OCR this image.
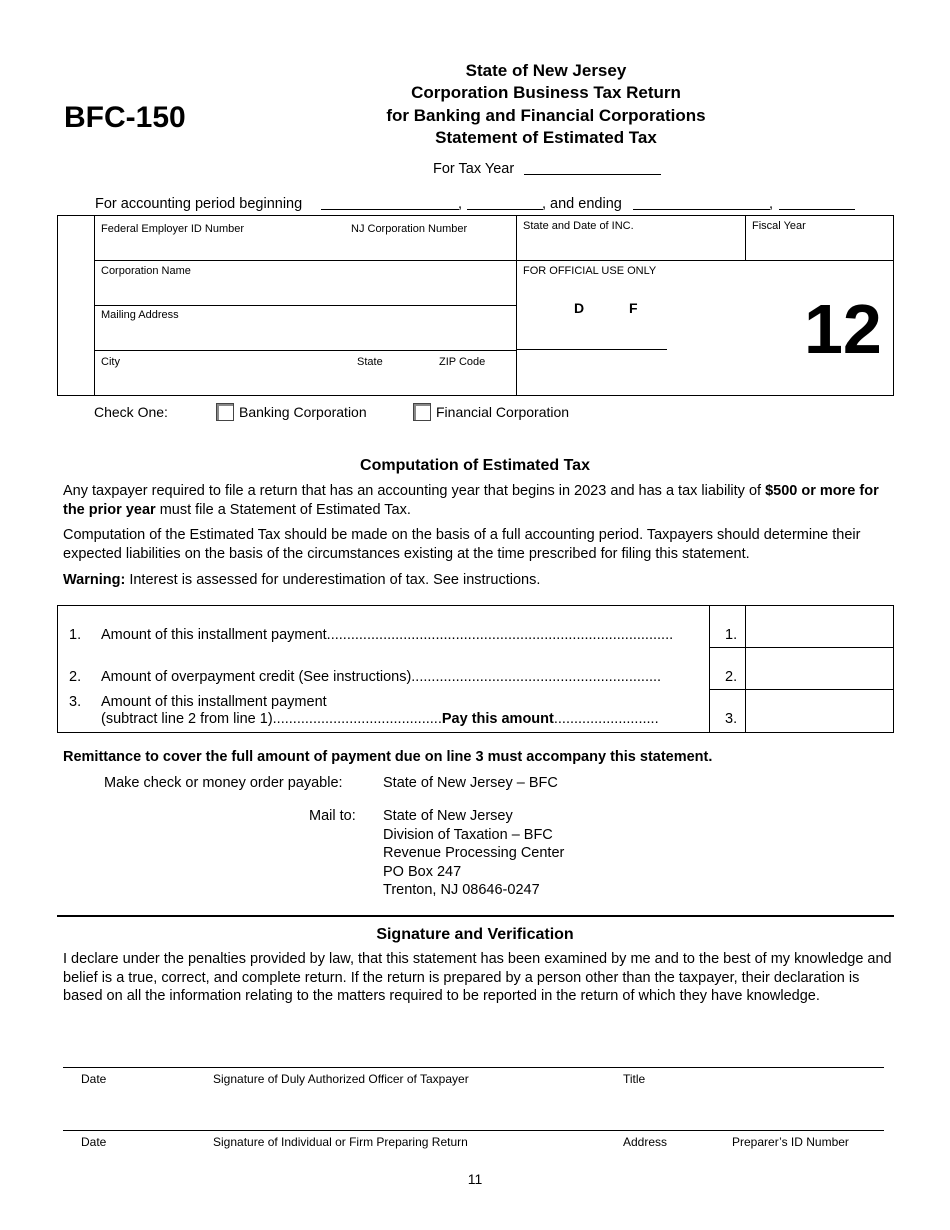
BFC-150
State of New Jersey
Corporation Business Tax Return
for Banking and Financial Corporations
Statement of Estimated Tax
For Tax Year
For accounting period beginning	,	, and ending	,
Federal Employer ID Number	NJ Corporation Number	State and Date of INC.	Fiscal Year
Corporation Name	FOR OFFICIAL USE ONLY
Mailing Address
City	State	ZIP Code
D	F 12
Check One:	Banking Corporation	Financial Corporation
Computation of Estimated Tax
Any taxpayer required to file a return that has an accounting year that begins in 2023 and has a tax liability of $500 or more for the prior year must file a Statement of Estimated Tax.
Computation of the Estimated Tax should be made on the basis of a full accounting period. Taxpayers should determine their expected liabilities on the basis of the circumstances existing at the time prescribed for filing this statement.
Warning: Interest is assessed for underestimation of tax. See instructions.
1. Amount of this installment payment......................................................................................	1.
2. Amount of overpayment credit (See instructions)..............................................................	2.
3. Amount of this installment payment
(subtract line 2 from line 1)..........................................Pay this amount..........................	3.
Remittance to cover the full amount of payment due on line 3 must accompany this statement.
Make check or money order payable:	State of New Jersey – BFC
Mail to: State of New Jersey
Division of Taxation – BFC
Revenue Processing Center
PO Box 247
Trenton, NJ 08646-0247
Signature and Verification
I declare under the penalties provided by law, that this statement has been examined by me and to the best of my knowledge and belief is a true, correct, and complete return. If the return is prepared by a person other than the taxpayer, their declaration is based on all the information relating to the matters required to be reported in the return of which they have knowledge.
Date	Signature of Duly Authorized Officer of Taxpayer	Title
Date	Signature of Individual or Firm Preparing Return	Address	Preparer’s ID Number
11
